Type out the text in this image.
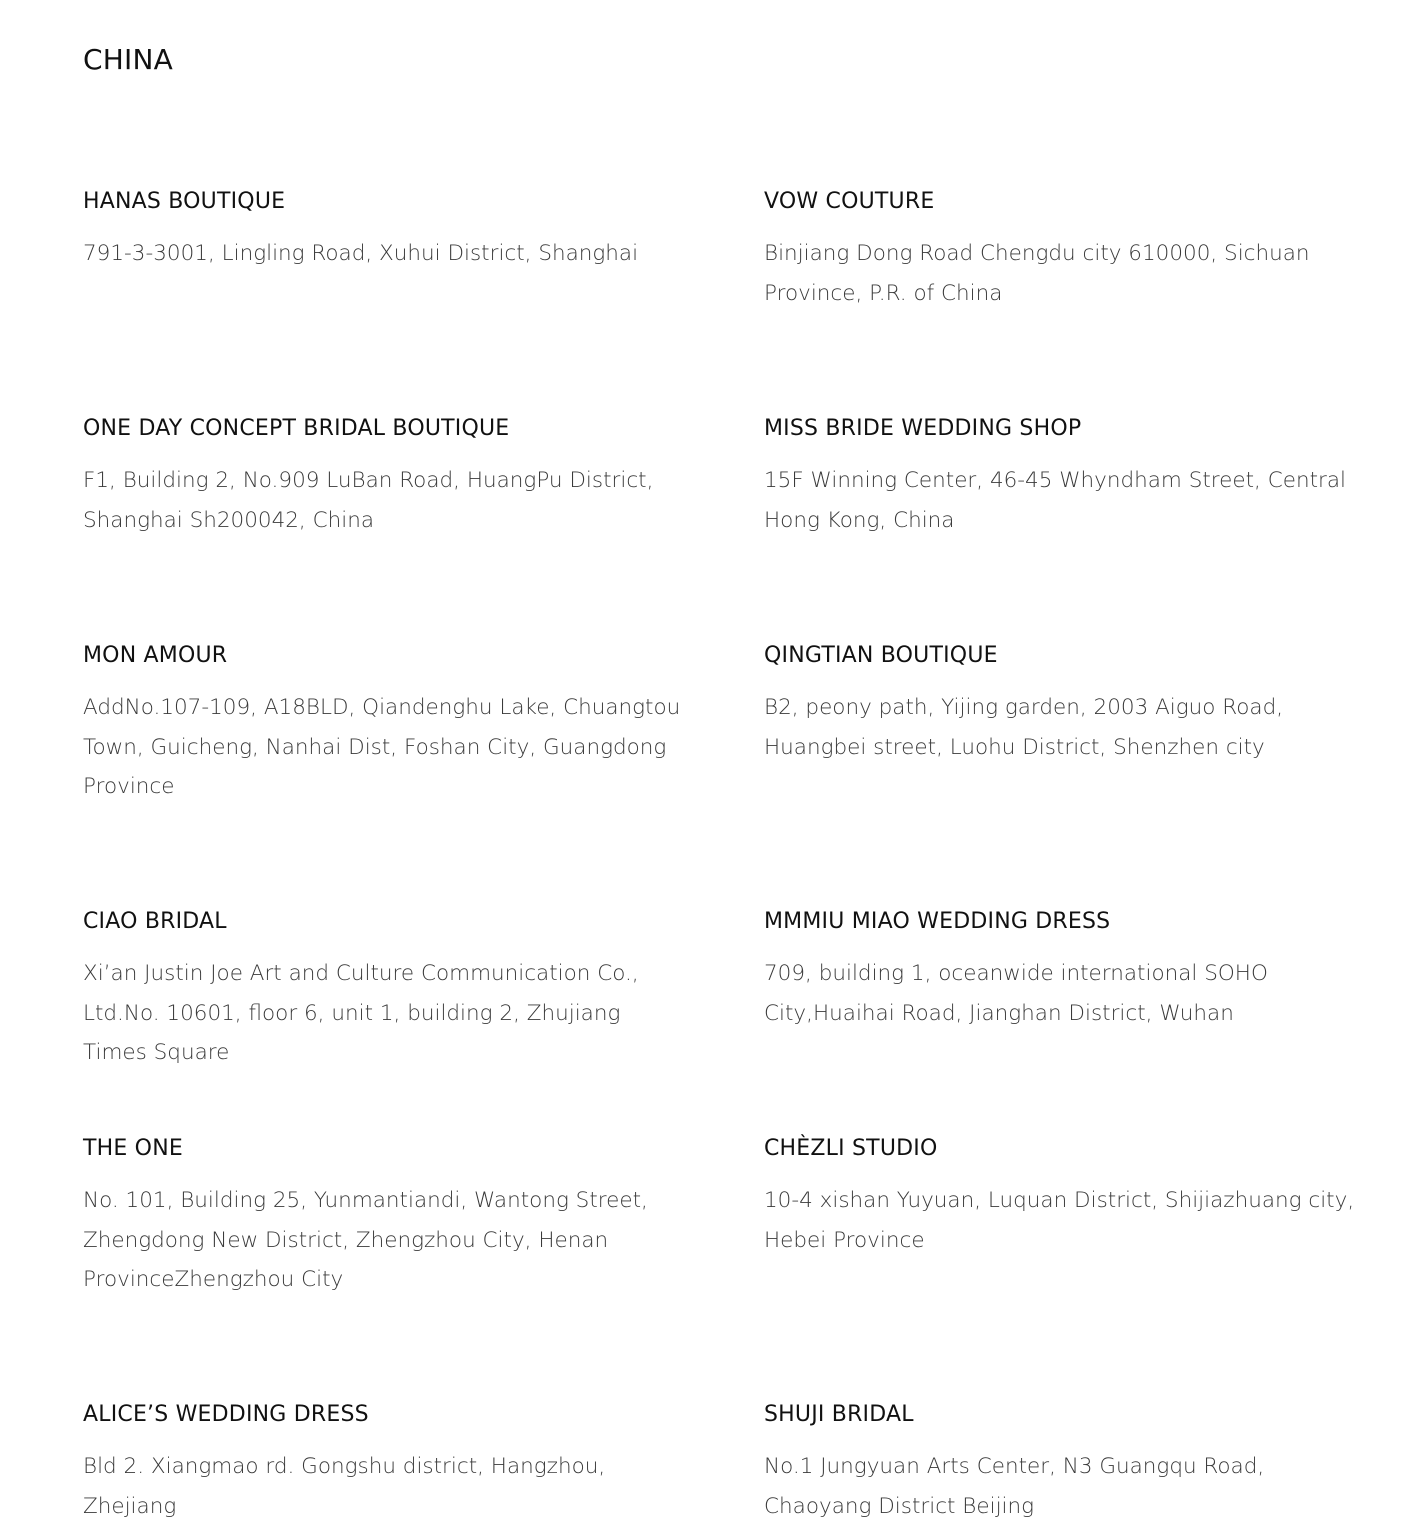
CHINA
HANAS BOUTIQUE

791-3-3001, Lingling Road, Xuhui District, Shanghai

VOW COUTURE

Binjiang Dong Road Chengdu city 610000, Sichuan Province, P.R. of China

ONE DAY CONCEPT BRIDAL BOUTIQUE

F1, Building 2, No.909 LuBan Road, HuangPu District, Shanghai Sh200042, China

MISS BRIDE WEDDING SHOP

15F Winning Center, 46-45 Whyndham Street, Central Hong Kong, China

MON AMOUR

AddNo.107-109, A18BLD, Qiandenghu Lake, Chuangtou Town, Guicheng, Nanhai Dist, Foshan City, Guangdong Province

QINGTIAN BOUTIQUE

B2, peony path, Yijing garden, 2003 Aiguo Road, Huangbei street, Luohu District, Shenzhen city

CIAO BRIDAL

Xi’an Justin Joe Art and Culture Communication Co., Ltd.No. 10601, floor 6, unit 1, building 2, Zhujiang Times Square

MMMIU MIAO WEDDING DRESS

709, building 1, oceanwide international SOHO City,Huaihai Road, Jianghan District, Wuhan

THE ONE

No. 101, Building 25, Yunmantiandi, Wantong Street, Zhengdong New District, Zhengzhou City, Henan ProvinceZhengzhou City

CHÈZLI STUDIO

10-4 xishan Yuyuan, Luquan District, Shijiazhuang city, Hebei Province

ALICE’S WEDDING DRESS

Bld 2. Xiangmao rd. Gongshu district, Hangzhou, Zhejiang

SHUJI BRIDAL

No.1 Jungyuan Arts Center, N3 Guangqu Road, Chaoyang District Beijing
